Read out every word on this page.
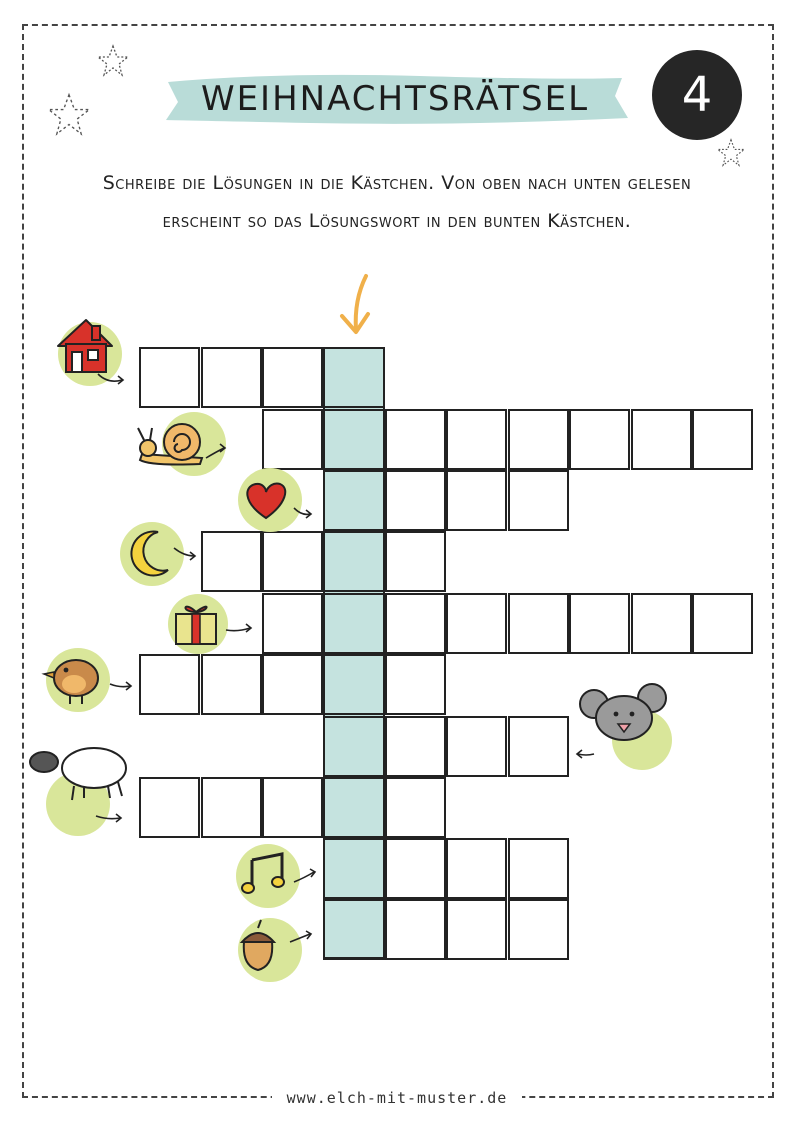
WEIHNACHTSRÄTSEL	4
Schreibe die Lösungen in die Kästchen. Von oben nach unten gelesen
erscheint so das Lösungswort in den bunten Kästchen.
www.elch-mit-muster.de
